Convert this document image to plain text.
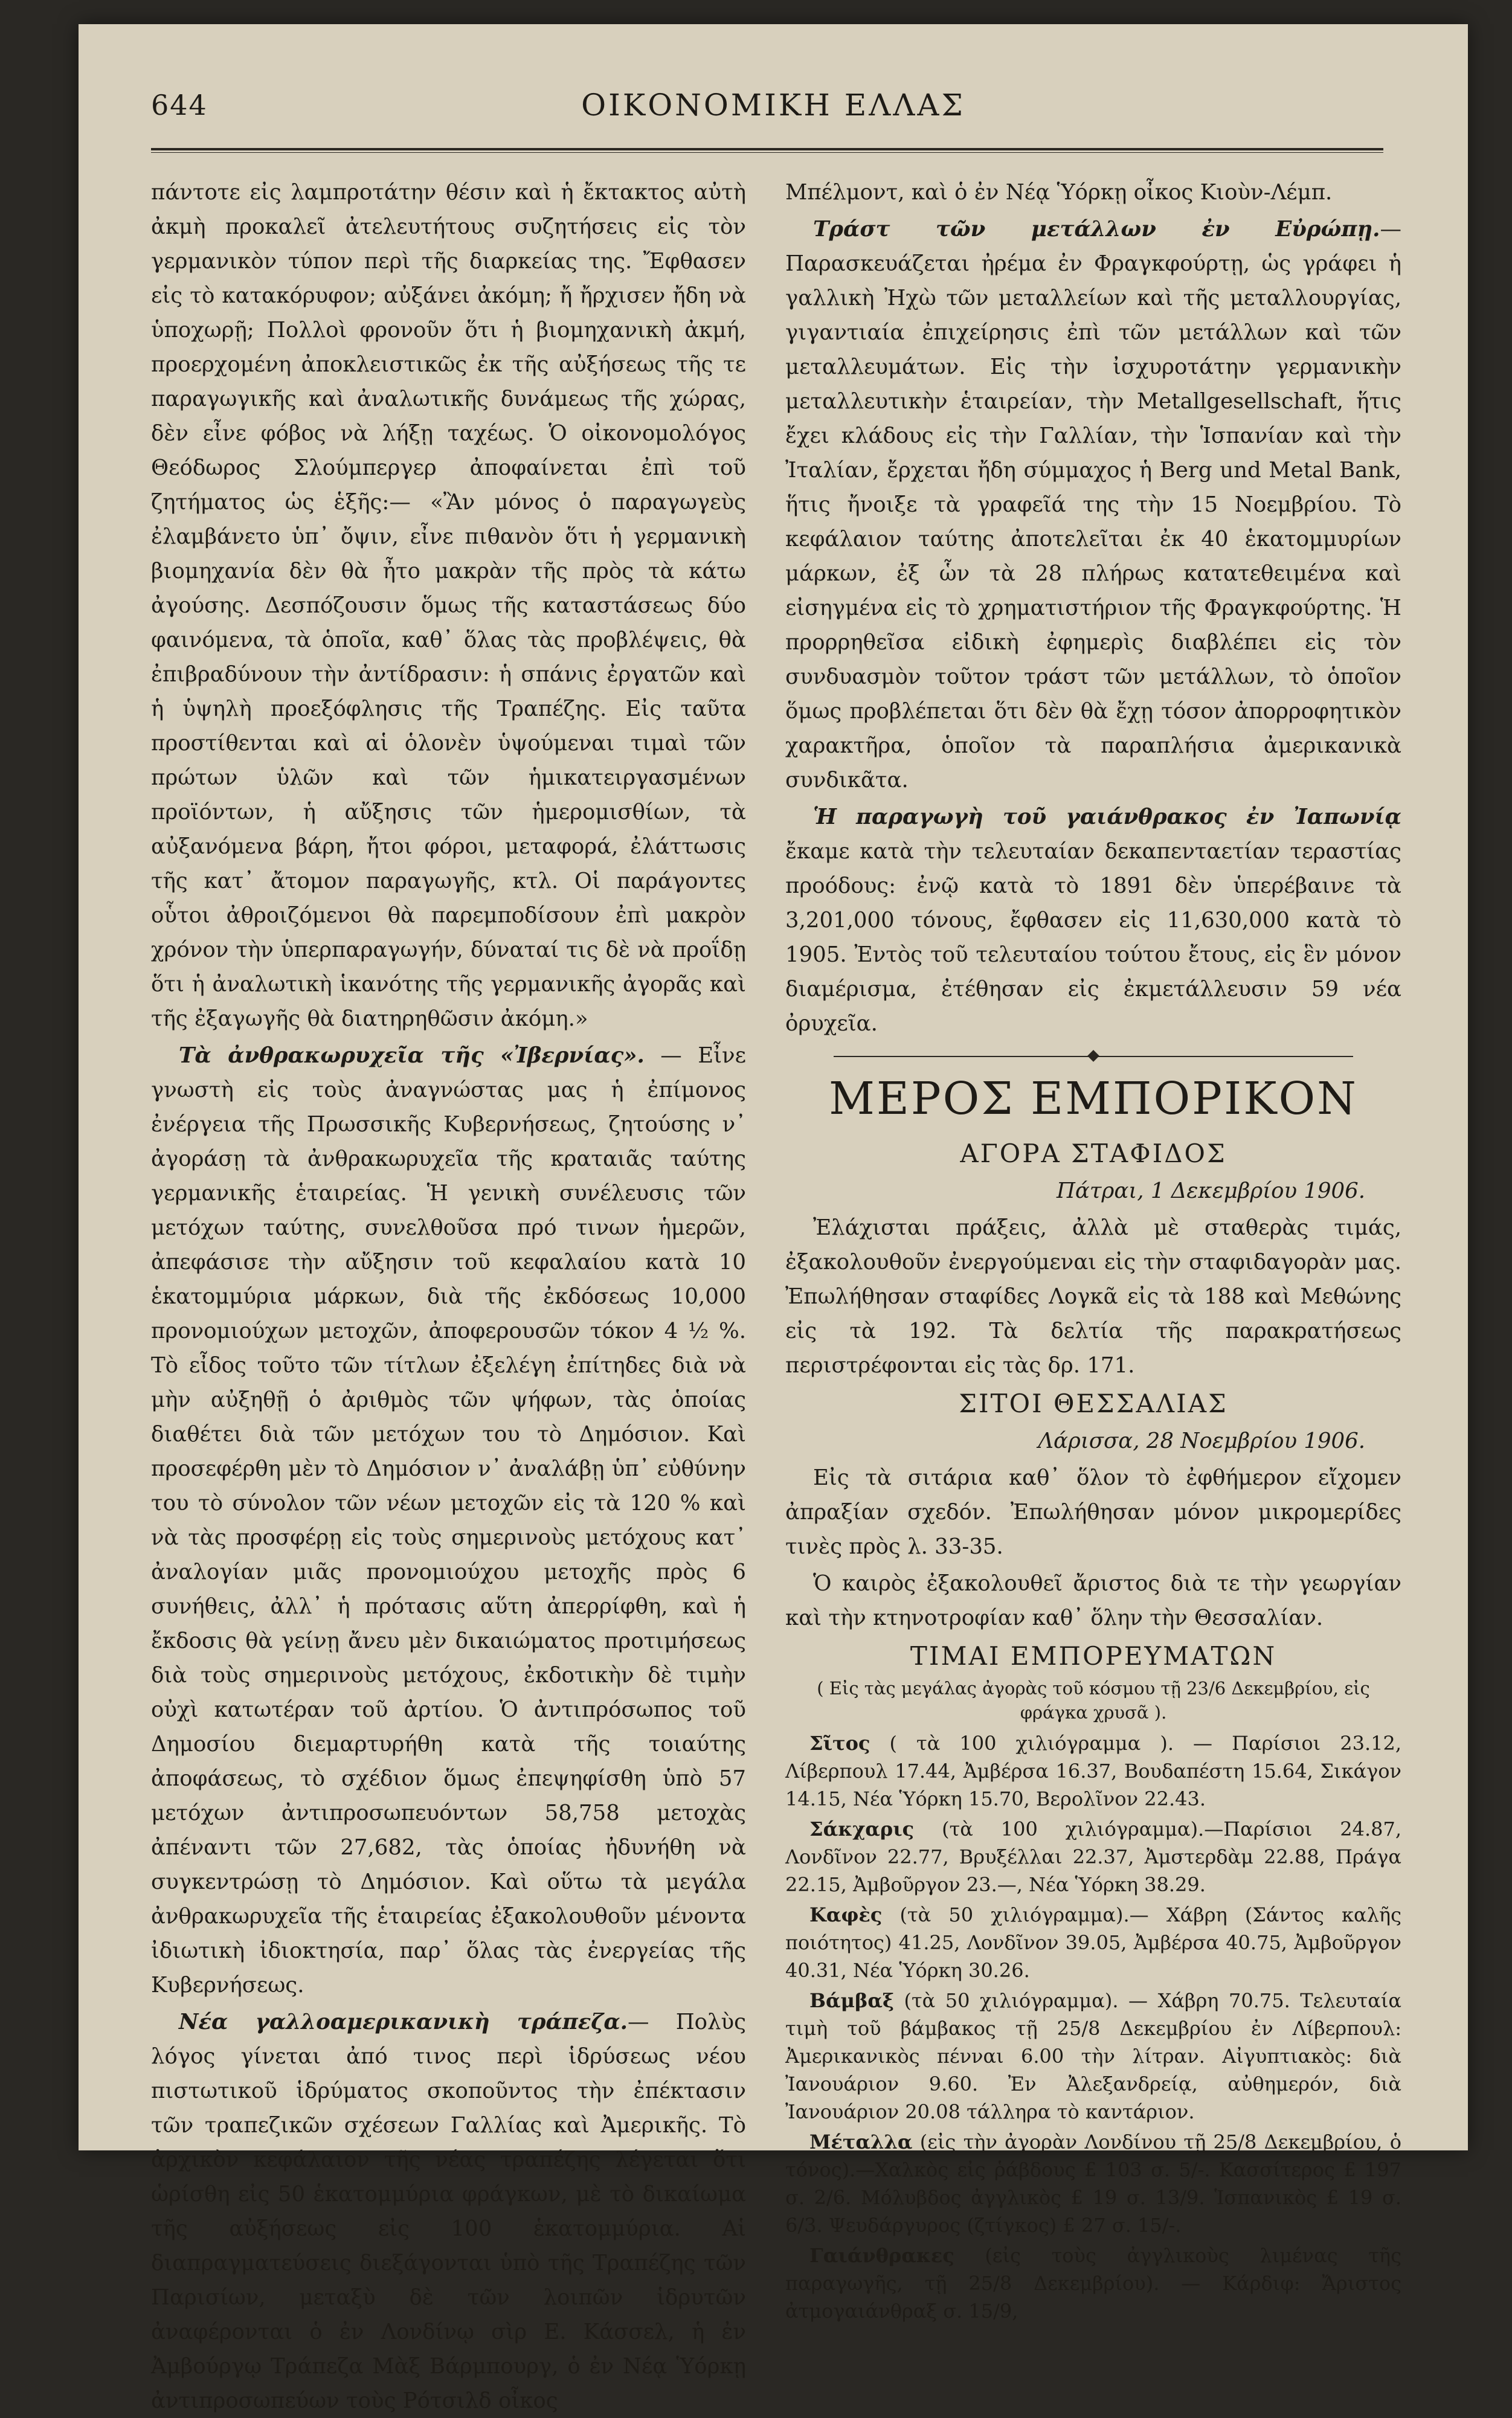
644	ΟΙΚΟΝΟΜΙΚΗ ΕΛΛΑΣ

πάντοτε εἰς λαμπροτάτην θέσιν καὶ ἡ ἔκτακτος αὐτὴ ἀκμὴ προκαλεῖ ἀτελευτήτους συζητήσεις εἰς τὸν γερμανικὸν τύπον περὶ τῆς διαρκείας της. Ἔφθασεν εἰς τὸ κατακόρυφον; αὐξάνει ἀκόμη; ἤ ἤρχισεν ἤδη νὰ ὑποχωρῇ; Πολλοὶ φρονοῦν ὅτι ἡ βιομηχανικὴ ἀκμή, προερχομένη ἀποκλειστικῶς ἐκ τῆς αὐξήσεως τῆς τε παραγωγικῆς καὶ ἀναλωτικῆς δυνάμεως τῆς χώρας, δὲν εἶνε φόβος νὰ λήξῃ ταχέως. Ὁ οἰκονομολόγος Θεόδωρος Σλούμπεργερ ἀποφαίνεται ἐπὶ τοῦ ζητήματος ὡς ἑξῆς:— «Ἂν μόνος ὁ παραγωγεὺς ἐλαμβάνετο ὑπ᾿ ὄψιν, εἶνε πιθανὸν ὅτι ἡ γερμανικὴ βιομηχανία δὲν θὰ ἦτο μακρὰν τῆς πρὸς τὰ κάτω ἀγούσης. Δεσπόζουσιν ὅμως τῆς καταστάσεως δύο φαινόμενα, τὰ ὁποῖα, καθ᾿ ὅλας τὰς προβλέψεις, θὰ ἐπιβραδύνουν τὴν ἀντίδρασιν: ἡ σπάνις ἐργατῶν καὶ ἡ ὑψηλὴ προεξόφλησις τῆς Τραπέζης. Εἰς ταῦτα προστίθενται καὶ αἱ ὁλονὲν ὑψούμεναι τιμαὶ τῶν πρώτων ὑλῶν καὶ τῶν ἡμικατειργασμένων προϊόντων, ἡ αὔξησις τῶν ἡμερομισθίων, τὰ αὐξανόμενα βάρη, ἤτοι φόροι, μεταφορά, ἐλάττωσις τῆς κατ᾿ ἄτομον παραγωγῆς, κτλ. Οἱ παράγοντες οὗτοι ἀθροιζόμενοι θὰ παρεμποδίσουν ἐπὶ μακρὸν χρόνον τὴν ὑπερπαραγωγήν, δύναταί τις δὲ νὰ προΐδῃ ὅτι ἡ ἀναλωτικὴ ἱκανότης τῆς γερμανικῆς ἀγορᾶς καὶ τῆς ἐξαγωγῆς θὰ διατηρηθῶσιν ἀκόμη.»

Τὰ ἀνθρακωρυχεῖα τῆς «Ἰβερνίας». — Εἶνε γνωστὴ εἰς τοὺς ἀναγνώστας μας ἡ ἐπίμονος ἐνέργεια τῆς Πρωσσικῆς Κυβερνήσεως, ζητούσης ν᾿ ἀγοράσῃ τὰ ἀνθρακωρυχεῖα τῆς κραταιᾶς ταύτης γερμανικῆς ἑταιρείας. Ἡ γενικὴ συνέλευσις τῶν μετόχων ταύτης, συνελθοῦσα πρό τινων ἡμερῶν, ἀπεφάσισε τὴν αὔξησιν τοῦ κεφαλαίου κατὰ 10 ἑκατομμύρια μάρκων, διὰ τῆς ἐκδόσεως 10,000 προνομιούχων μετοχῶν, ἀποφερουσῶν τόκον 4 ½ %. Τὸ εἶδος τοῦτο τῶν τίτλων ἐξελέγη ἐπίτηδες διὰ νὰ μὴν αὐξηθῇ ὁ ἀριθμὸς τῶν ψήφων, τὰς ὁποίας διαθέτει διὰ τῶν μετόχων του τὸ Δημόσιον. Καὶ προσεφέρθη μὲν τὸ Δημόσιον ν᾿ ἀναλάβῃ ὑπ᾿ εὐθύνην του τὸ σύνολον τῶν νέων μετοχῶν εἰς τὰ 120 % καὶ νὰ τὰς προσφέρῃ εἰς τοὺς σημερινοὺς μετόχους κατ᾿ ἀναλογίαν μιᾶς προνομιούχου μετοχῆς πρὸς 6 συνήθεις, ἀλλ᾿ ἡ πρότασις αὕτη ἀπερρίφθη, καὶ ἡ ἔκδοσις θὰ γείνῃ ἄνευ μὲν δικαιώματος προτιμήσεως διὰ τοὺς σημερινοὺς μετόχους, ἐκδοτικὴν δὲ τιμὴν οὐχὶ κατωτέραν τοῦ ἀρτίου. Ὁ ἀντιπρόσωπος τοῦ Δημοσίου διεμαρτυρήθη κατὰ τῆς τοιαύτης ἀποφάσεως, τὸ σχέδιον ὅμως ἐπεψηφίσθη ὑπὸ 57 μετόχων ἀντιπροσωπευόντων 58,758 μετοχὰς ἀπέναντι τῶν 27,682, τὰς ὁποίας ἠδυνήθη νὰ συγκεντρώσῃ τὸ Δημόσιον. Καὶ οὕτω τὰ μεγάλα ἀνθρακωρυχεῖα τῆς ἑταιρείας ἐξακολουθοῦν μένοντα ἰδιωτικὴ ἰδιοκτησία, παρ᾿ ὅλας τὰς ἐνεργείας τῆς Κυβερνήσεως.

Νέα γαλλοαμερικανικὴ τράπεζα.— Πολὺς λόγος γίνεται ἀπό τινος περὶ ἱδρύσεως νέου πιστωτικοῦ ἱδρύματος σκοποῦντος τὴν ἐπέκτασιν τῶν τραπεζικῶν σχέσεων Γαλλίας καὶ Ἀμερικῆς. Τὸ ἀρχικὸν κεφάλαιον τῆς νέας τραπέζης λέγεται ὅτι ὡρίσθη εἰς 50 ἑκατομμύρια φράγκων, μὲ τὸ δικαίωμα τῆς αὐξήσεως εἰς 100 ἑκατομμύρια. Αἱ διαπραγματεύσεις διεξάγονται ὑπὸ τῆς Τραπέζης τῶν Παρισίων, μεταξὺ δὲ τῶν λοιπῶν ἱδρυτῶν ἀναφέρονται ὁ ἐν Λονδίνῳ σὶρ Ε. Κάσσελ, ἡ ἐν Ἀμβούργῳ Τράπεζα Μὰξ Βάρμπουργ, ὁ ἐν Νέᾳ Ὑόρκῃ ἀντιπροσωπεύων τοὺς Ρότσιλδ οἶκος

Μπέλμοντ, καὶ ὁ ἐν Νέᾳ Ὑόρκῃ οἶκος Κιοὺν-Λέμπ.

Τράστ τῶν μετάλλων ἐν Εὐρώπῃ.— Παρασκευάζεται ἠρέμα ἐν Φραγκφούρτῃ, ὡς γράφει ἡ γαλλικὴ Ἠχὼ τῶν μεταλλείων καὶ τῆς μεταλλουργίας, γιγαντιαία ἐπιχείρησις ἐπὶ τῶν μετάλλων καὶ τῶν μεταλλευμάτων. Εἰς τὴν ἰσχυροτάτην γερμανικὴν μεταλλευτικὴν ἑταιρείαν, τὴν Metallgesellschaft, ἥτις ἔχει κλάδους εἰς τὴν Γαλλίαν, τὴν Ἱσπανίαν καὶ τὴν Ἰταλίαν, ἔρχεται ἤδη σύμμαχος ἡ Berg und Metal Bank, ἥτις ἤνοιξε τὰ γραφεῖά της τὴν 15 Νοεμβρίου. Τὸ κεφάλαιον ταύτης ἀποτελεῖται ἐκ 40 ἑκατομμυρίων μάρκων, ἐξ ὧν τὰ 28 πλήρως κατατεθειμένα καὶ εἰσηγμένα εἰς τὸ χρηματιστήριον τῆς Φραγκφούρτης. Ἡ προρρηθεῖσα εἰδικὴ ἐφημερὶς διαβλέπει εἰς τὸν συνδυασμὸν τοῦτον τράστ τῶν μετάλλων, τὸ ὁποῖον ὅμως προβλέπεται ὅτι δὲν θὰ ἔχῃ τόσον ἀπορροφητικὸν χαρακτῆρα, ὁποῖον τὰ παραπλήσια ἀμερικανικὰ συνδικᾶτα.

Ἡ παραγωγὴ τοῦ γαιάνθρακος ἐν Ἰαπωνίᾳ ἔκαμε κατὰ τὴν τελευταίαν δεκαπενταετίαν τεραστίας προόδους: ἐνῷ κατὰ τὸ 1891 δὲν ὑπερέβαινε τὰ 3,201,000 τόνους, ἔφθασεν εἰς 11,630,000 κατὰ τὸ 1905. Ἐντὸς τοῦ τελευταίου τούτου ἔτους, εἰς ἓν μόνον διαμέρισμα, ἐτέθησαν εἰς ἐκμετάλλευσιν 59 νέα ὀρυχεῖα.

ΜΕΡΟΣ ΕΜΠΟΡΙΚΟΝ
ΑΓΟΡΑ ΣΤΑΦΙΔΟΣ

Πάτραι, 1 Δεκεμβρίου 1906.

Ἐλάχισται πράξεις, ἀλλὰ μὲ σταθερὰς τιμάς, ἐξακολουθοῦν ἐνεργούμεναι εἰς τὴν σταφιδαγορὰν μας. Ἐπωλήθησαν σταφίδες Λογκᾶ εἰς τὰ 188 καὶ Μεθώνης εἰς τὰ 192. Τὰ δελτία τῆς παρακρατήσεως περιστρέφονται εἰς τὰς δρ. 171.

ΣΙΤΟΙ ΘΕΣΣΑΛΙΑΣ

Λάρισσα, 28 Νοεμβρίου 1906.

Εἰς τὰ σιτάρια καθ᾿ ὅλον τὸ ἐφθήμερον εἴχομεν ἀπραξίαν σχεδόν. Ἐπωλήθησαν μόνον μικρομερίδες τινὲς πρὸς λ. 33-35.

Ὁ καιρὸς ἐξακολουθεῖ ἄριστος διὰ τε τὴν γεωργίαν καὶ τὴν κτηνοτροφίαν καθ᾿ ὅλην τὴν Θεσσαλίαν.

ΤΙΜΑΙ ΕΜΠΟΡΕΥΜΑΤΩΝ
( Εἰς τὰς μεγάλας ἀγορὰς τοῦ κόσμου τῇ 23/6 Δεκεμβρίου, εἰς φράγκα χρυσᾶ ).

Σῖτος ( τὰ 100 χιλιόγραμμα ). — Παρίσιοι 23.12, Λίβερπουλ 17.44, Ἀμβέρσα 16.37, Βουδαπέστη 15.64, Σικάγον 14.15, Νέα Ὑόρκη 15.70, Βερολῖνον 22.43.

Σάκχαρις (τὰ 100 χιλιόγραμμα).—Παρίσιοι 24.87, Λονδῖνον 22.77, Βρυξέλλαι 22.37, Ἀμστερδὰμ 22.88, Πράγα 22.15, Ἀμβοῦργον 23.—, Νέα Ὑόρκη 38.29.

Καφὲς (τὰ 50 χιλιόγραμμα).— Χάβρη (Σάντος καλῆς ποιότητος) 41.25, Λονδῖνον 39.05, Ἀμβέρσα 40.75, Ἀμβοῦργον 40.31, Νέα Ὑόρκη 30.26.

Βάμβαξ (τὰ 50 χιλιόγραμμα). — Χάβρη 70.75. Τελευταία τιμὴ τοῦ βάμβακος τῇ 25/8 Δεκεμβρίου ἐν Λίβερπουλ: Ἀμερικανικὸς πένναι 6.00 τὴν λίτραν. Αἰγυπτιακὸς: διὰ Ἰανουάριον 9.60. Ἐν Ἀλεξανδρείᾳ, αὐθημερόν, διὰ Ἰανουάριον 20.08 τάλληρα τὸ καντάριον.

Μέταλλα (εἰς τὴν ἀγορὰν Λονδίνου τῇ 25/8 Δεκεμβρίου, ὁ τόνος).—Χαλκὸς εἰς ῥάβδους £ 103 σ. 5/-. Κασσίτερος £ 197 σ. 2/6. Μόλυβδος ἀγγλικὸς £ 19 σ. 13/9. Ἱσπανικὸς £ 19 σ. 6/3. Ψευδάργυρος (ζτίγκος) £ 27 σ. 15/-.

Γαιάνθρακες (εἰς τοὺς ἀγγλικοὺς λιμένας τῆς παραγωγῆς, τῇ 25/8 Δεκεμβρίου). — Κάρδιφ: Ἄριστος ἀτμογαιάνθραξ σ. 15/9,
